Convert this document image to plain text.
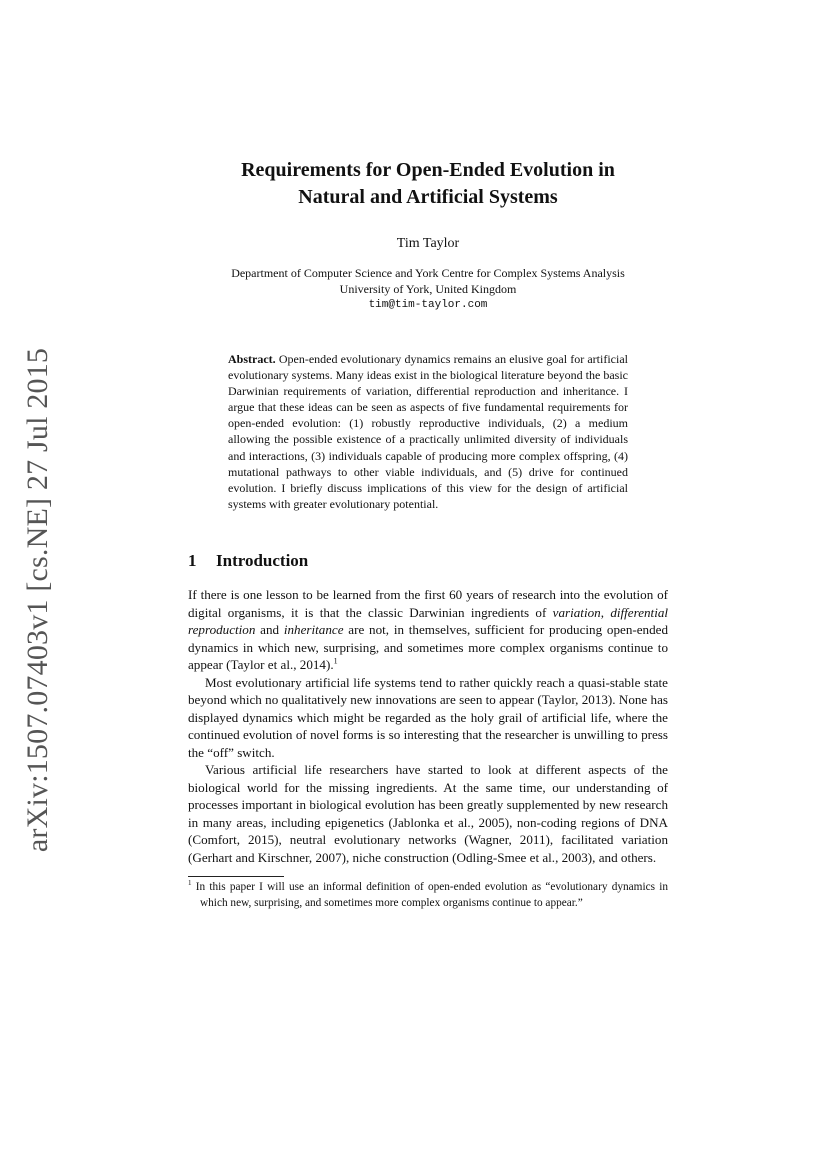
arXiv:1507.07403v1 [cs.NE] 27 Jul 2015
Requirements for Open-Ended Evolution in
Natural and Artificial Systems
Tim Taylor
Department of Computer Science and York Centre for Complex Systems Analysis
University of York, United Kingdom
tim@tim-taylor.com
Abstract. Open-ended evolutionary dynamics remains an elusive goal for artificial evolutionary systems. Many ideas exist in the biological literature beyond the basic Darwinian requirements of variation, differential reproduction and inheritance. I argue that these ideas can be seen as aspects of five fundamental requirements for open-ended evolution: (1) robustly reproductive individuals, (2) a medium allowing the possible existence of a practically unlimited diversity of individuals and interactions, (3) individuals capable of producing more complex offspring, (4) mutational pathways to other viable individuals, and (5) drive for continued evolution. I briefly discuss implications of this view for the design of artificial systems with greater evolutionary potential.
1 Introduction

If there is one lesson to be learned from the first 60 years of research into the evolution of digital organisms, it is that the classic Darwinian ingredients of variation, differential reproduction and inheritance are not, in themselves, sufficient for producing open-ended dynamics in which new, surprising, and sometimes more complex organisms continue to appear (Taylor et al., 2014).$^1$

Most evolutionary artificial life systems tend to rather quickly reach a quasi-stable state beyond which no qualitatively new innovations are seen to appear (Taylor, 2013). None has displayed dynamics which might be regarded as the holy grail of artificial life, where the continued evolution of novel forms is so interesting that the researcher is unwilling to press the “off” switch.

Various artificial life researchers have started to look at different aspects of the biological world for the missing ingredients. At the same time, our understanding of processes important in biological evolution has been greatly supplemented by new research in many areas, including epigenetics (Jablonka et al., 2005), non-coding regions of DNA (Comfort, 2015), neutral evolutionary networks (Wagner, 2011), facilitated variation (Gerhart and Kirschner, 2007), niche construction (Odling-Smee et al., 2003), and others.

$^1$ In this paper I will use an informal definition of open-ended evolution as “evolutionary dynamics in which new, surprising, and sometimes more complex organisms continue to appear.”
